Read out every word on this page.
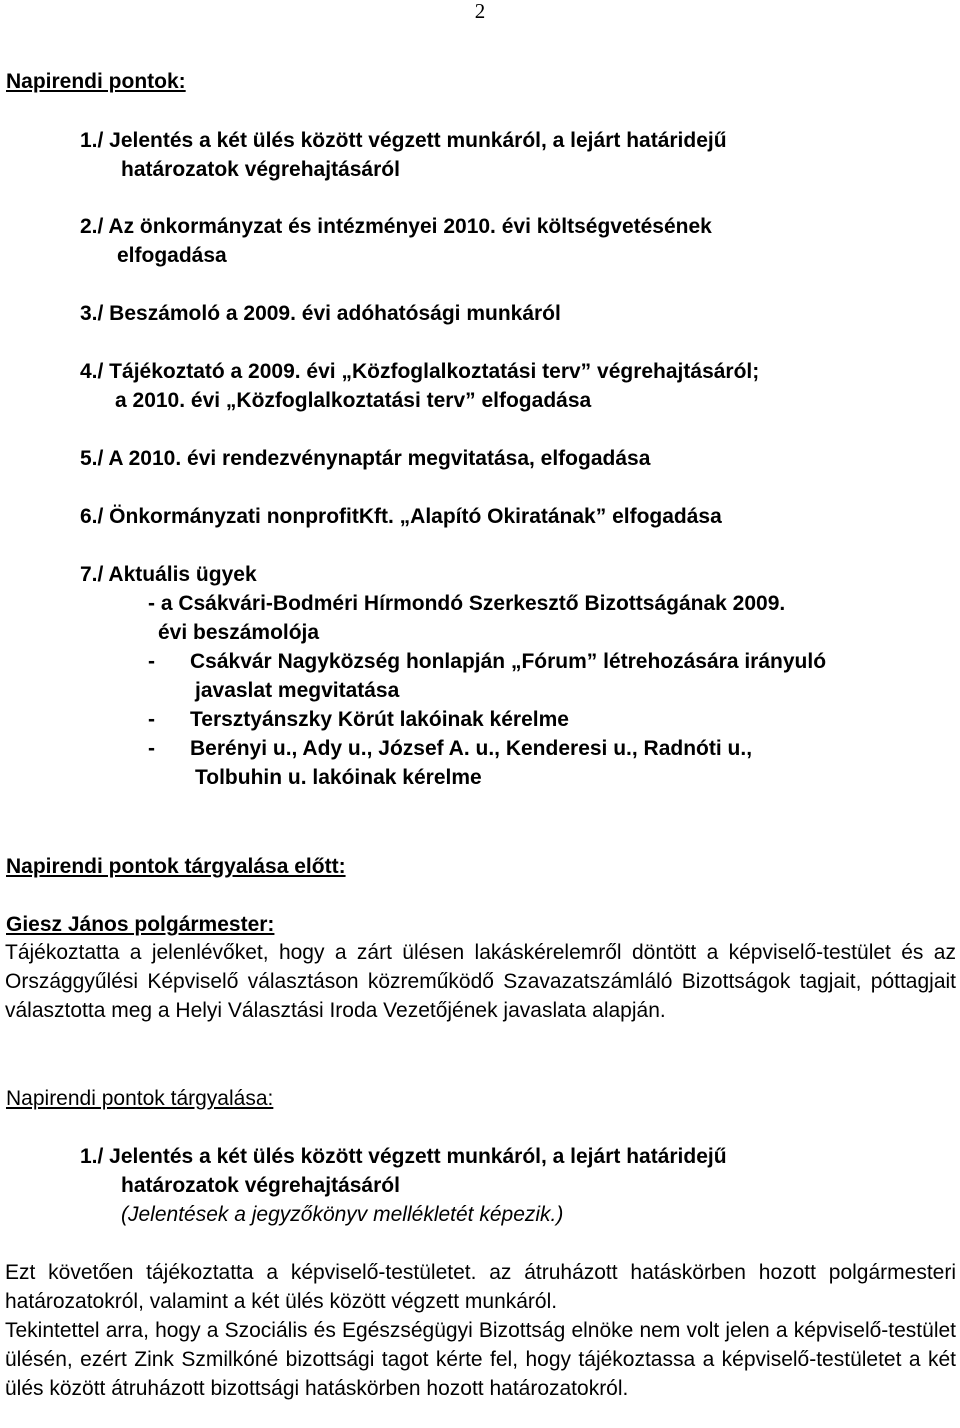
2
Napirendi pontok:
1./ Jelentés a két ülés között végzett munkáról, a lejárt határidejű
határozatok végrehajtásáról
2./ Az önkormányzat és intézményei 2010. évi költségvetésének
elfogadása
3./ Beszámoló a 2009. évi adóhatósági munkáról
4./ Tájékoztató a 2009. évi „Közfoglalkoztatási terv” végrehajtásáról;
a 2010. évi „Közfoglalkoztatási terv” elfogadása
5./ A 2010. évi rendezvénynaptár megvitatása, elfogadása
6./ Önkormányzati nonprofitKft. „Alapító Okiratának” elfogadása
7./ Aktuális ügyek
- a Csákvári-Bodméri Hírmondó Szerkesztő Bizottságának 2009.
évi beszámolója
- Csákvár Nagyközség honlapján „Fórum” létrehozására irányuló
javaslat megvitatása
- Tersztyánszky Körút lakóinak kérelme
- Berényi u., Ady u., József A. u., Kenderesi u., Radnóti u.,
Tolbuhin u. lakóinak kérelme
Napirendi pontok tárgyalása előtt:
Giesz János polgármester:
Tájékoztatta a jelenlévőket, hogy a zárt ülésen lakáskérelemről döntött a képviselő-testület és az Országgyűlési Képviselő választáson közreműködő Szavazatszámláló Bizottságok tagjait, póttagjait választotta meg a Helyi Választási Iroda Vezetőjének javaslata alapján.
Napirendi pontok tárgyalása:
1./ Jelentés a két ülés között végzett munkáról, a lejárt határidejű
határozatok végrehajtásáról
(Jelentések a jegyzőkönyv mellékletét képezik.)
Ezt követően tájékoztatta a képviselő-testületet. az átruházott hatáskörben hozott polgármesteri határozatokról, valamint a két ülés között végzett munkáról.
Tekintettel arra, hogy a Szociális és Egészségügyi Bizottság elnöke nem volt jelen a képviselő-testület ülésén, ezért Zink Szmilkóné bizottsági tagot kérte fel, hogy tájékoztassa a képviselő-testületet a két ülés között átruházott bizottsági hatáskörben hozott határozatokról.
